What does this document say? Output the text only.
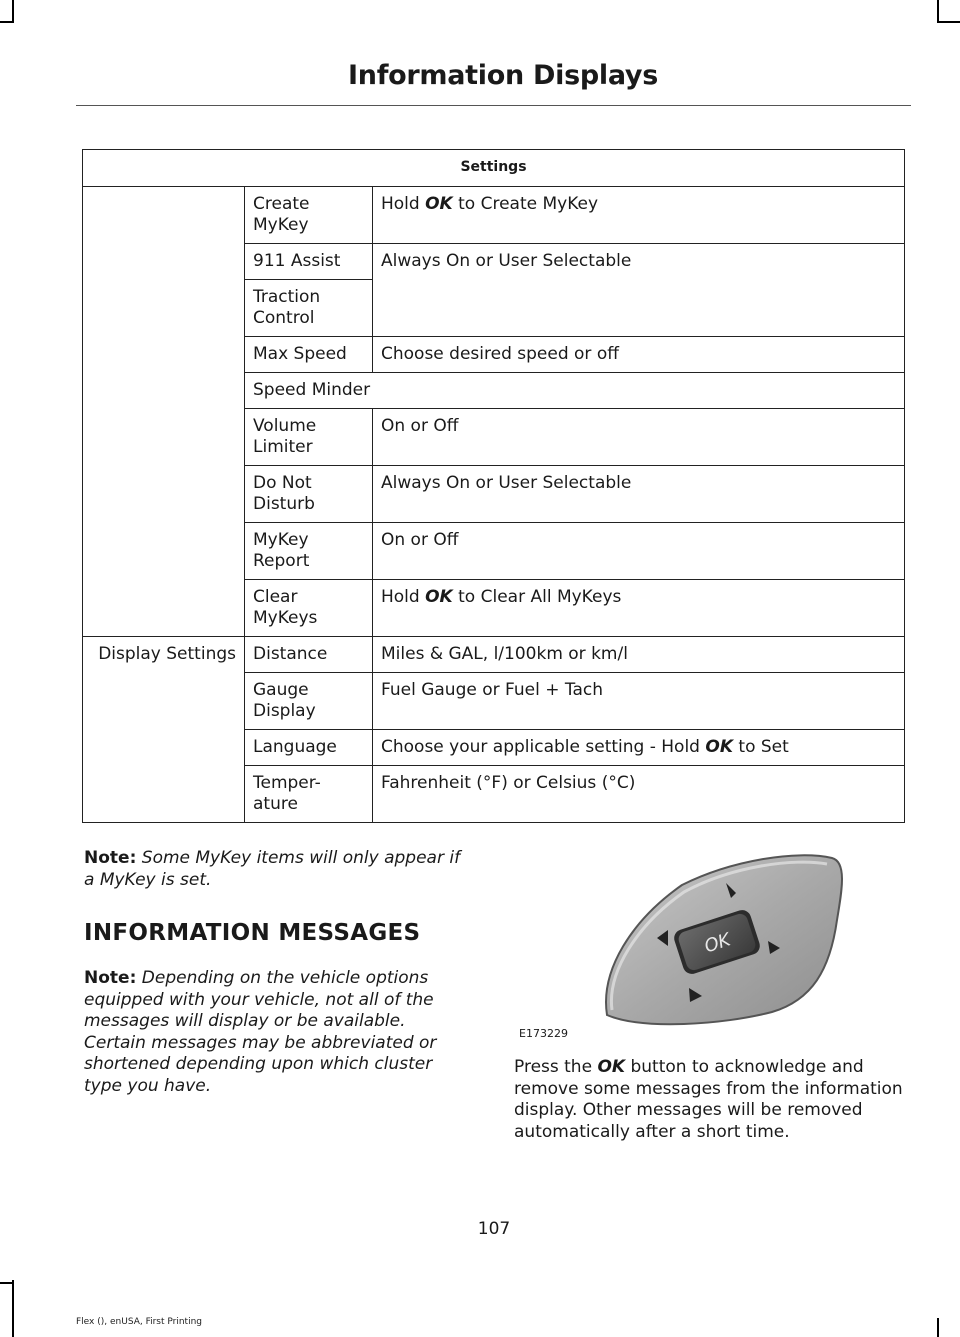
Information Displays
Settings		
	Create MyKey	Hold OK to Create MyKey
	911 Assist	Always On or User Selectable
	Traction Control	
	Max Speed	Choose desired speed or off
	Speed Minder	
	Volume Limiter	On or Off
	Do Not Disturb	Always On or User Selectable
	MyKey Report	On or Off
	Clear MyKeys	Hold OK to Clear All MyKeys
Display Settings	Distance	Miles & GAL, l/100km or km/l
	Gauge Display	Fuel Gauge or Fuel + Tach
	Language	Choose your applicable setting - Hold OK to Set
	Temper-ature	Fahrenheit (°F) or Celsius (°C)
Note: Some MyKey items will only appear if a MyKey is set.
INFORMATION MESSAGES
Note: Depending on the vehicle options equipped with your vehicle, not all of the messages will display or be available. Certain messages may be abbreviated or shortened depending upon which cluster type you have.
OK
E173229
Press the OK button to acknowledge and remove some messages from the information display. Other messages will be removed automatically after a short time.
107
Flex (), enUSA, First Printing
